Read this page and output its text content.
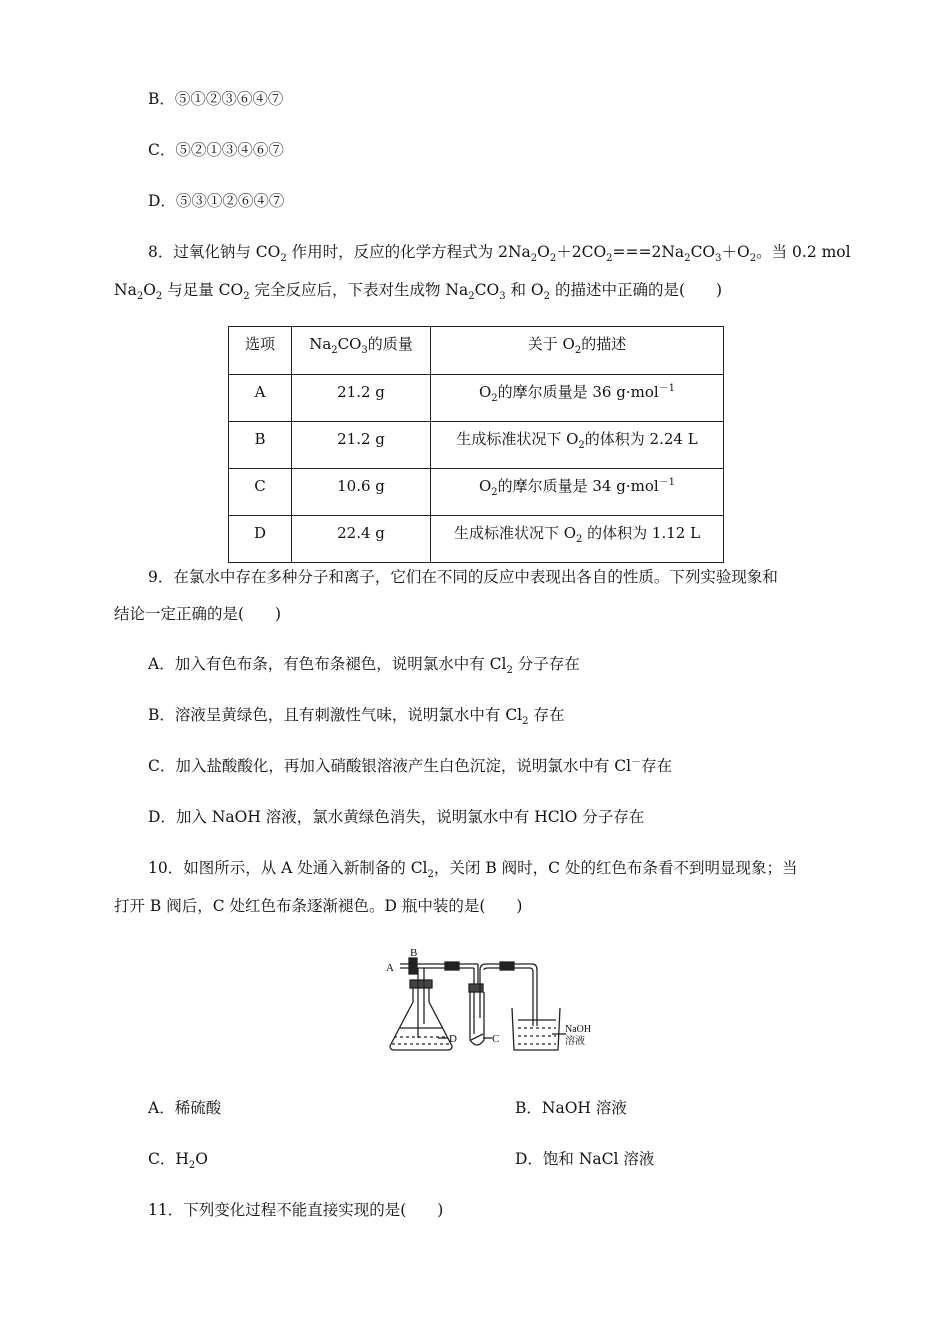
B．⑤①②③⑥④⑦
C．⑤②①③④⑥⑦
D．⑤③①②⑥④⑦
8．过氧化钠与 $CO_2$ 作用时，反应的化学方程式为 $2Na_2O_2+2CO_2===2Na_2CO_3+O_2$。当 0.2 mol
$Na_2O_2$ 与足量 $CO_2$ 完全反应后，下表对生成物 $Na_2CO_3$ 和 $O_2$ 的描述中正确的是(　　)
选项	$Na_2CO_3$的质量	关于 $O_2$的描述
A	21.2 g	$O_2$的摩尔质量是 36 g·mol$^{-1}$
B	21.2 g	生成标准状况下 $O_2$的体积为 2.24 L
C	10.6 g	$O_2$的摩尔质量是 34 g·mol$^{-1}$
D	22.4 g	生成标准状况下 $O_2$ 的体积为 1.12 L
9．在氯水中存在多种分子和离子，它们在不同的反应中表现出各自的性质。下列实验现象和
结论一定正确的是(　　)
A．加入有色布条，有色布条褪色，说明氯水中有 $Cl_2$ 分子存在
B．溶液呈黄绿色，且有刺激性气味，说明氯水中有 $Cl_2$ 存在
C．加入盐酸酸化，再加入硝酸银溶液产生白色沉淀，说明氯水中有 Cl－存在
D．加入 NaOH 溶液，氯水黄绿色消失，说明氯水中有 HClO 分子存在
10．如图所示，从 A 处通入新制备的 $Cl_2$，关闭 B 阀时，C 处的红色布条看不到明显现象；当
打开 B 阀后，C 处红色布条逐渐褪色。D 瓶中装的是(　　)
A
B
D	C
NaOH
溶液
A．稀硫酸	B．NaOH 溶液
C．$H_2O$	D．饱和 NaCl 溶液
11．下列变化过程不能直接实现的是(　　)
